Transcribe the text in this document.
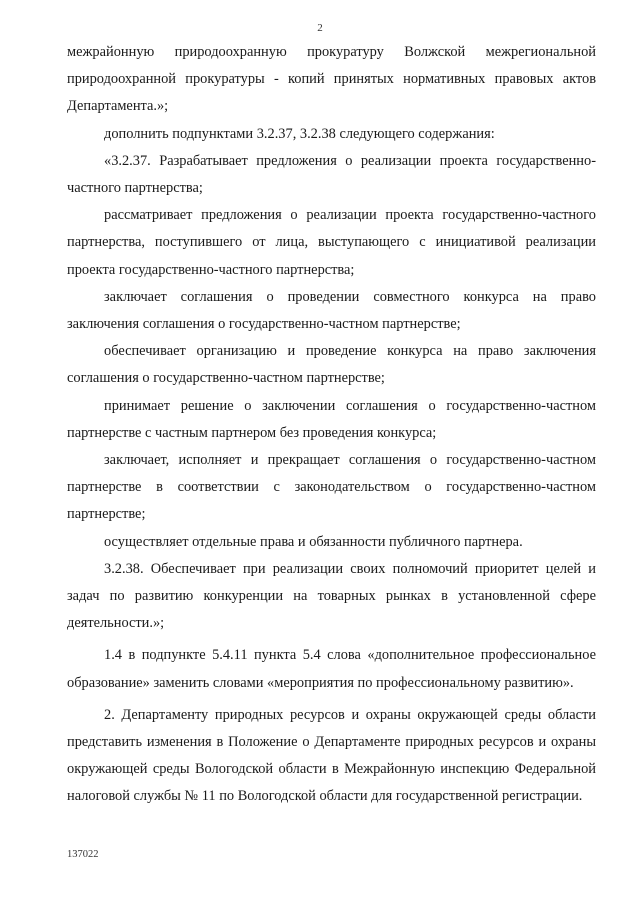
2

межрайонную природоохранную прокуратуру Волжской межрегиональной природоохранной прокуратуры - копий принятых нормативных правовых актов Департамента.»;

дополнить подпунктами 3.2.37, 3.2.38 следующего содержания:

«3.2.37. Разрабатывает предложения о реализации проекта государственно-частного партнерства;

рассматривает предложения о реализации проекта государственно-частного партнерства, поступившего от лица, выступающего с инициативой реализации проекта государственно-частного партнерства;

заключает соглашения о проведении совместного конкурса на право заключения соглашения о государственно-частном партнерстве;

обеспечивает организацию и проведение конкурса на право заключения соглашения о государственно-частном партнерстве;

принимает решение о заключении соглашения о государственно-частном партнерстве с частным партнером без проведения конкурса;

заключает, исполняет и прекращает соглашения о государственно-частном партнерстве в соответствии с законодательством о государственно-частном партнерстве;

осуществляет отдельные права и обязанности публичного партнера.

3.2.38. Обеспечивает при реализации своих полномочий приоритет целей и задач по развитию конкуренции на товарных рынках в установленной сфере деятельности.»;

1.4 в подпункте 5.4.11 пункта 5.4 слова «дополнительное профессиональное образование» заменить словами «мероприятия по профессиональному развитию».

2. Департаменту природных ресурсов и охраны окружающей среды области представить изменения в Положение о Департаменте природных ресурсов и охраны окружающей среды Вологодской области в Межрайонную инспекцию Федеральной налоговой службы № 11 по Вологодской области для государственной регистрации.

137022
